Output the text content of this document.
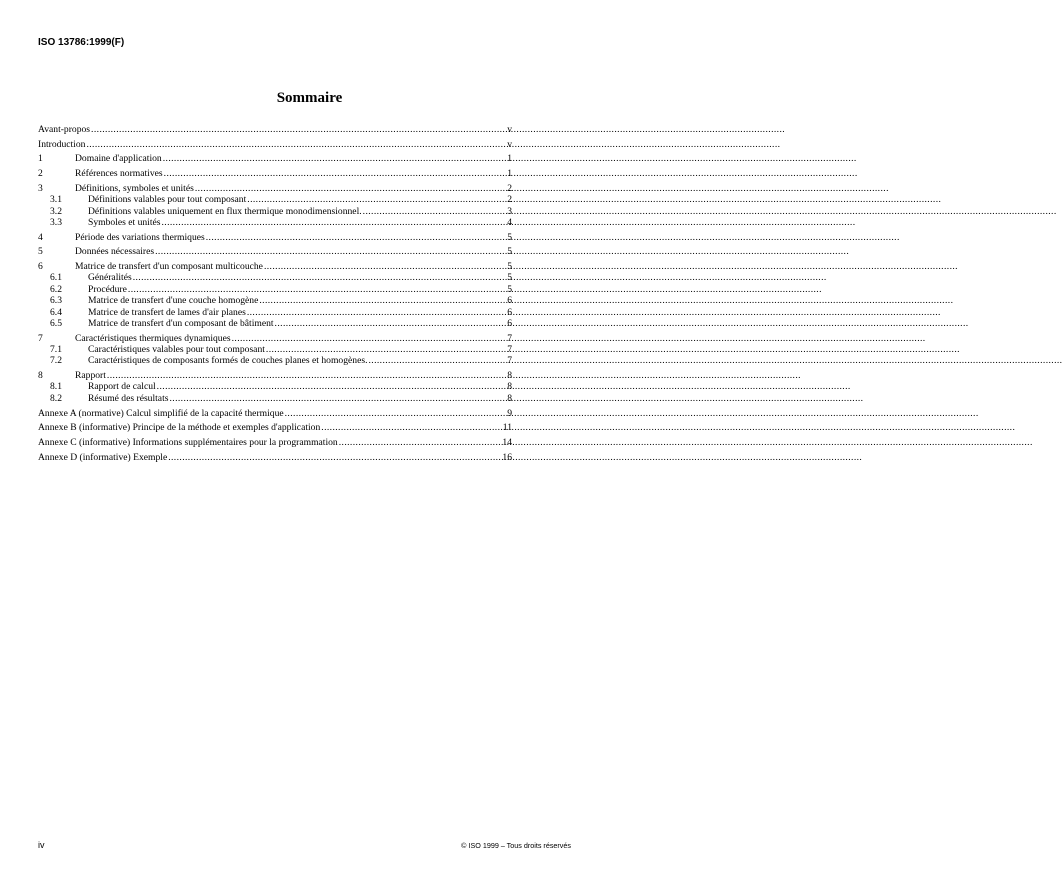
ISO 13786:1999(F)
Sommaire
Avant-propos .....	v
Introduction .....	v
1	Domaine d'application .....	1
2	Références normatives .....	1
3	Définitions, symboles et unités .....	2
3.1	Définitions valables pour tout composant .....	2
3.2	Définitions valables uniquement en flux thermique monodimensionnel. .....	3
3.3	Symboles et unités .....	4
4	Période des variations thermiques .....	5
5	Données nécessaires .....	5
6	Matrice de transfert d'un composant multicouche .....	5
6.1	Généralités .....	5
6.2	Procédure .....	5
6.3	Matrice de transfert d'une couche homogène .....	6
6.4	Matrice de transfert de lames d'air planes .....	6
6.5	Matrice de transfert d'un composant de bâtiment .....	6
7	Caractéristiques thermiques dynamiques .....	7
7.1	Caractéristiques valables pour tout composant .....	7
7.2	Caractéristiques de composants formés de couches planes et homogènes. .....	7
8	Rapport .....	8
8.1	Rapport de calcul .....	8
8.2	Résumé des résultats .....	8
Annexe A (normative) Calcul simplifié de la capacité thermique .....	9
Annexe B (informative) Principe de la méthode et exemples d'application .....	11
Annexe C (informative) Informations supplémentaires pour la programmation .....	14
Annexe D (informative) Exemple .....	16
iv	© ISO 1999 – Tous droits réservés
